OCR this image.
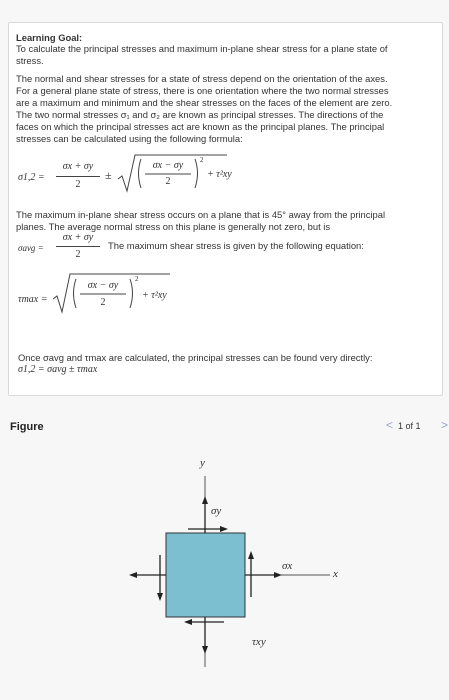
Learning Goal:
To calculate the principal stresses and maximum in-plane shear stress for a plane state of
stress.
The normal and shear stresses for a state of stress depend on the orientation of the axes.
For a general plane state of stress, there is one orientation where the two normal stresses
are a maximum and minimum and the shear stresses on the faces of the element are zero.
The two normal stresses σ₁ and σ₂ are known as principal stresses. The directions of the
faces on which the principal stresses act are known as the principal planes. The principal
stresses can be calculated using the following formula:
σ1,2 =
σx + σy
2
±
σx − σy
2
2
+ τ²xy
The maximum in-plane shear stress occurs on a plane that is 45° away from the principal
planes. The average normal stress on this plane is generally not zero, but is
σavg =
σx + σy
2
The maximum shear stress is given by the following equation:
τmax =
σx − σy
2
2
+ τ²xy
Once σavg and τmax are calculated, the principal stresses can be found very directly:
σ1,2 = σavg ± τmax
Figure	< 1 of 1 >
y
x
σy
σx
τxy
